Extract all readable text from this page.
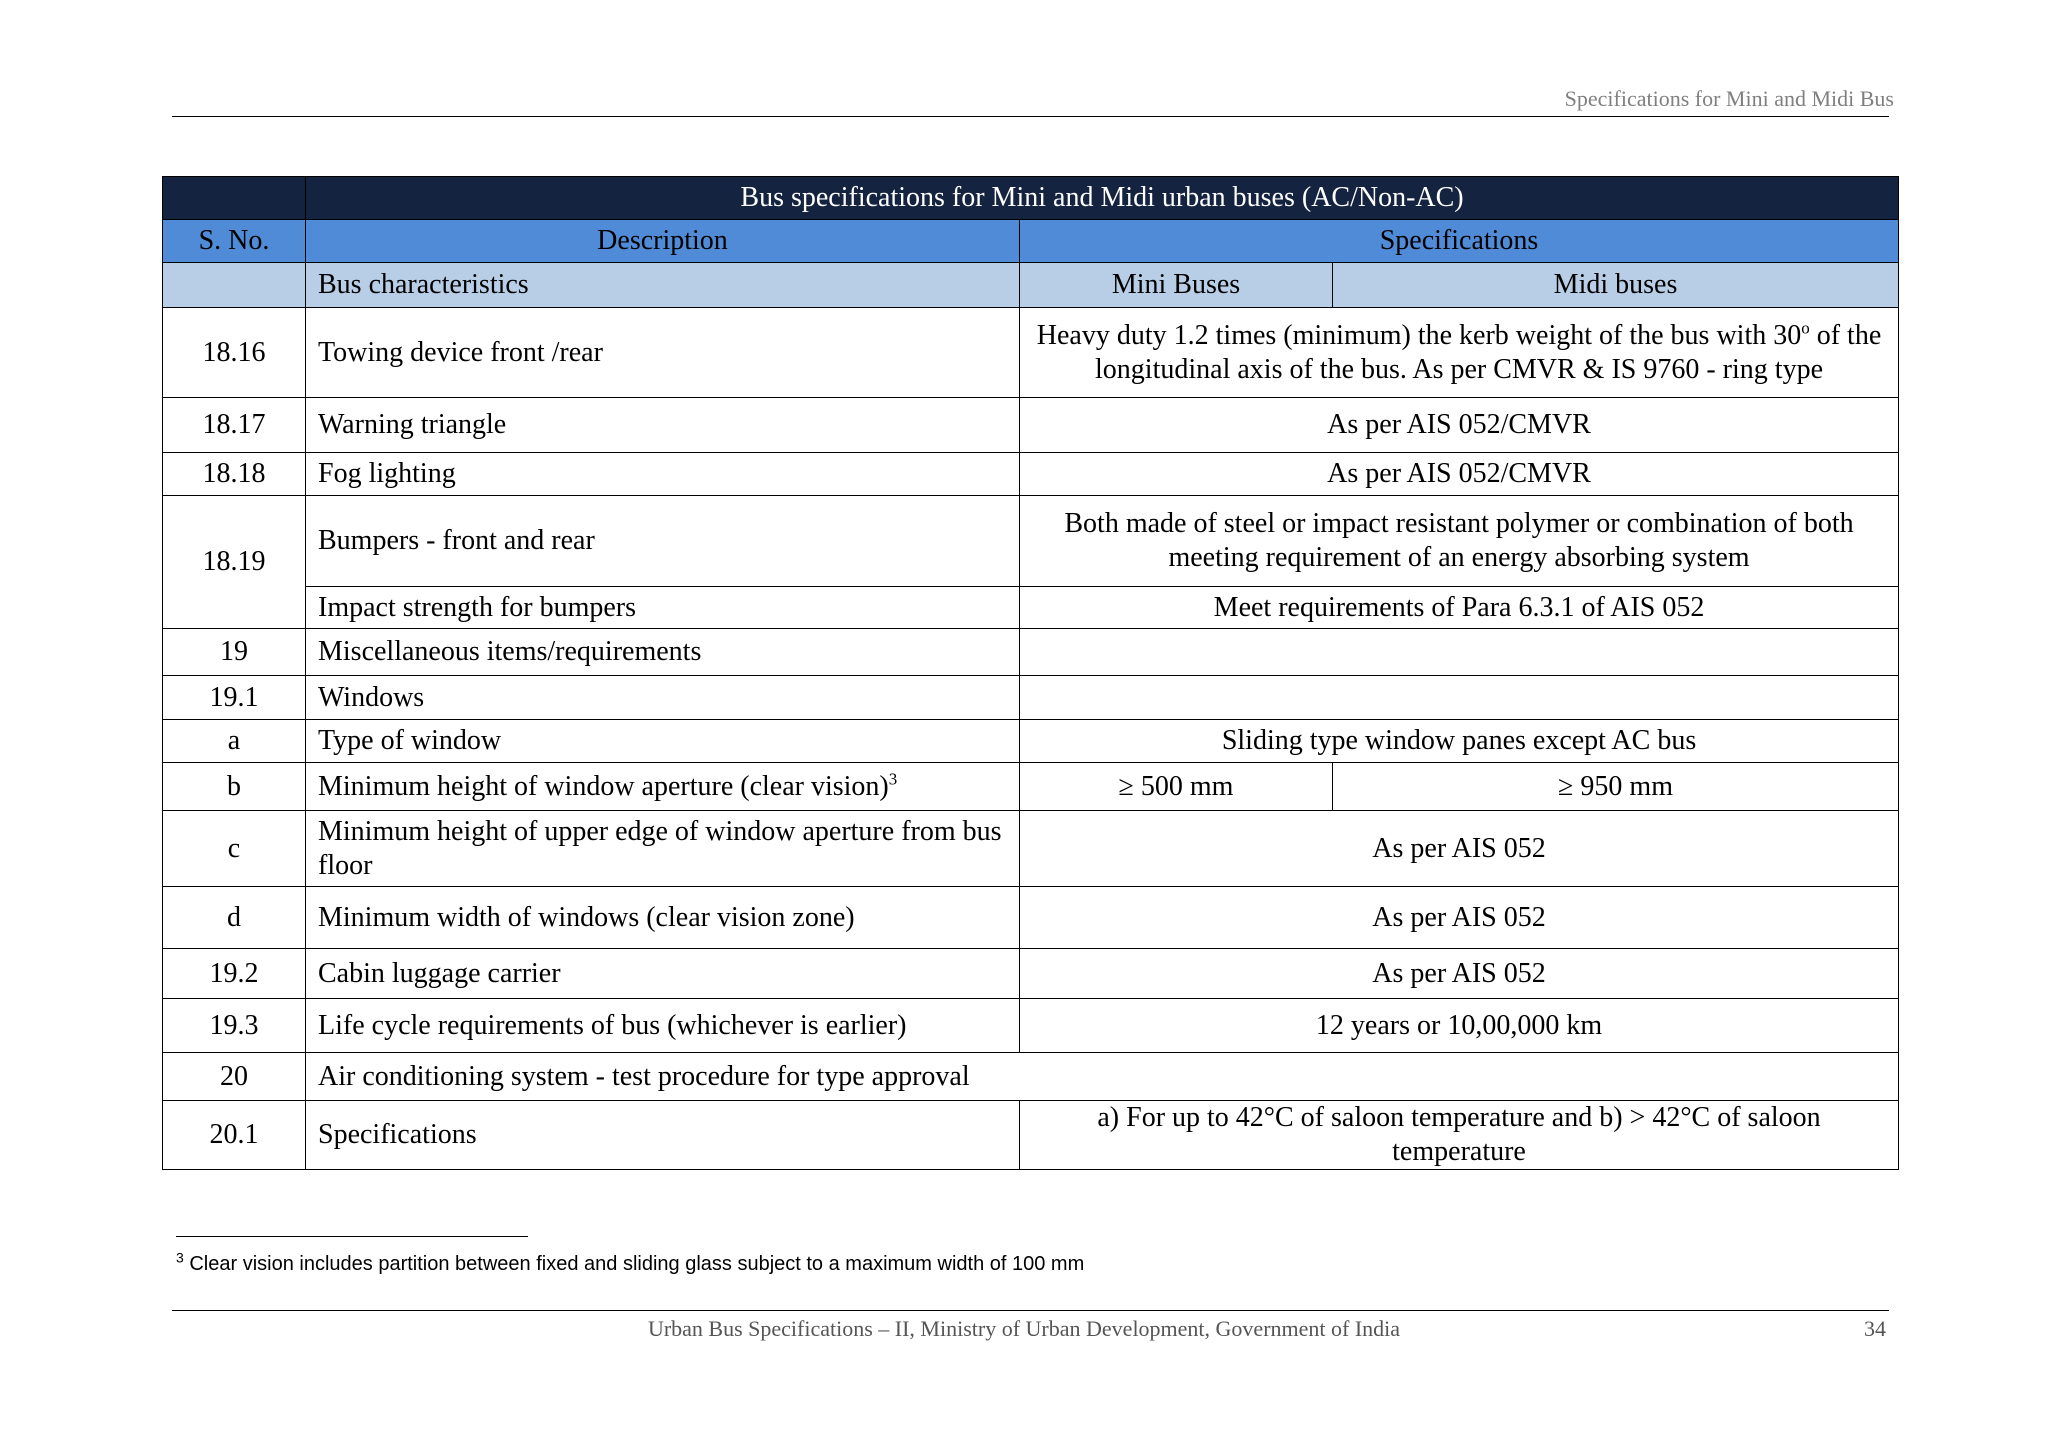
Specifications for Mini and Midi Bus
	Bus specifications for Mini and Midi urban buses (AC/Non-AC)		
S. No.	Description	Specifications	
	Bus characteristics	Mini Buses	Midi buses
18.16	Towing device front /rear	Heavy duty 1.2 times (minimum) the kerb weight of the bus with 30$^o$ of the longitudinal axis of the bus. As per CMVR & IS 9760 - ring type	
18.17	Warning triangle	As per AIS 052/CMVR	
18.18	Fog lighting	As per AIS 052/CMVR	
18.19	Bumpers - front and rear	Both made of steel or impact resistant polymer or combination of both meeting requirement of an energy absorbing system	
	Impact strength for bumpers	Meet requirements of Para 6.3.1 of AIS 052	
19	Miscellaneous items/requirements		
19.1	Windows		
a	Type of window	Sliding type window panes except AC bus	
b	Minimum height of window aperture (clear vision)$^3$	≥ 500 mm	≥ 950 mm
c	Minimum height of upper edge of window aperture from bus floor	As per AIS 052	
d	Minimum width of windows (clear vision zone)	As per AIS 052	
19.2	Cabin luggage carrier	As per AIS 052	
19.3	Life cycle requirements of bus (whichever is earlier)	12 years or 10,00,000 km	
20	Air conditioning system - test procedure for type approval		
20.1	Specifications	a) For up to 42°C of saloon temperature and b) > 42°C of saloon temperature	
$^3$ Clear vision includes partition between fixed and sliding glass subject to a maximum width of 100 mm
Urban Bus Specifications – II, Ministry of Urban Development, Government of India	34
